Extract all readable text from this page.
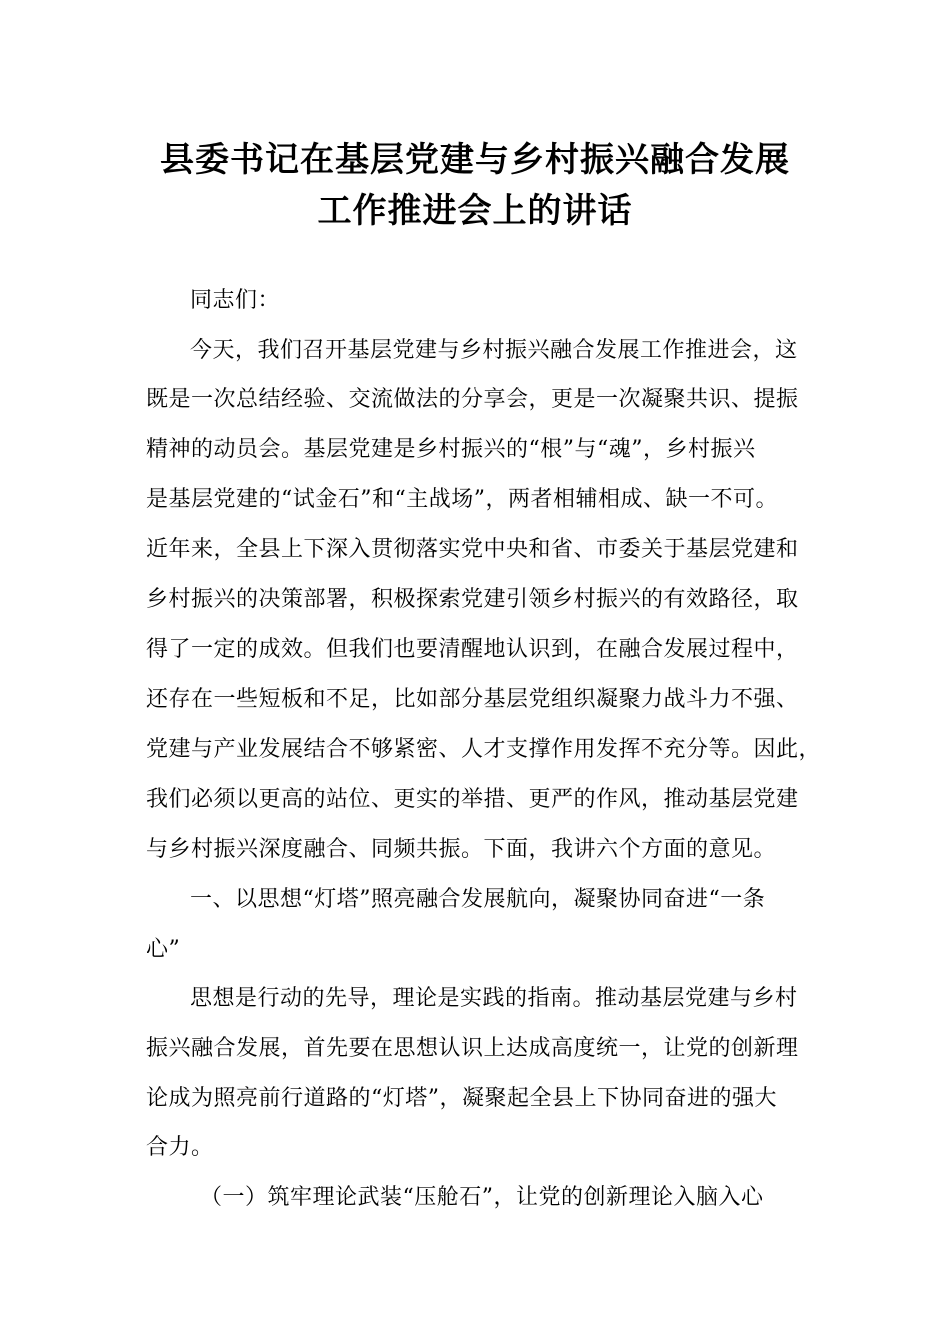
县委书记在基层党建与乡村振兴融合发展
工作推进会上的讲话
同志们：
今天，我们召开基层党建与乡村振兴融合发展工作推进会，这
既是一次总结经验、交流做法的分享会，更是一次凝聚共识、提振
精神的动员会。基层党建是乡村振兴的“根”与“魂”，乡村振兴
是基层党建的“试金石”和“主战场”，两者相辅相成、缺一不可。
近年来，全县上下深入贯彻落实党中央和省、市委关于基层党建和
乡村振兴的决策部署，积极探索党建引领乡村振兴的有效路径，取
得了一定的成效。但我们也要清醒地认识到，在融合发展过程中，
还存在一些短板和不足，比如部分基层党组织凝聚力战斗力不强、
党建与产业发展结合不够紧密、人才支撑作用发挥不充分等。因此，
我们必须以更高的站位、更实的举措、更严的作风，推动基层党建
与乡村振兴深度融合、同频共振。下面，我讲六个方面的意见。
一、以思想“灯塔”照亮融合发展航向，凝聚协同奋进“一条
心”
思想是行动的先导，理论是实践的指南。推动基层党建与乡村
振兴融合发展，首先要在思想认识上达成高度统一，让党的创新理
论成为照亮前行道路的“灯塔”，凝聚起全县上下协同奋进的强大
合力。
（一）筑牢理论武装“压舱石”，让党的创新理论入脑入心
